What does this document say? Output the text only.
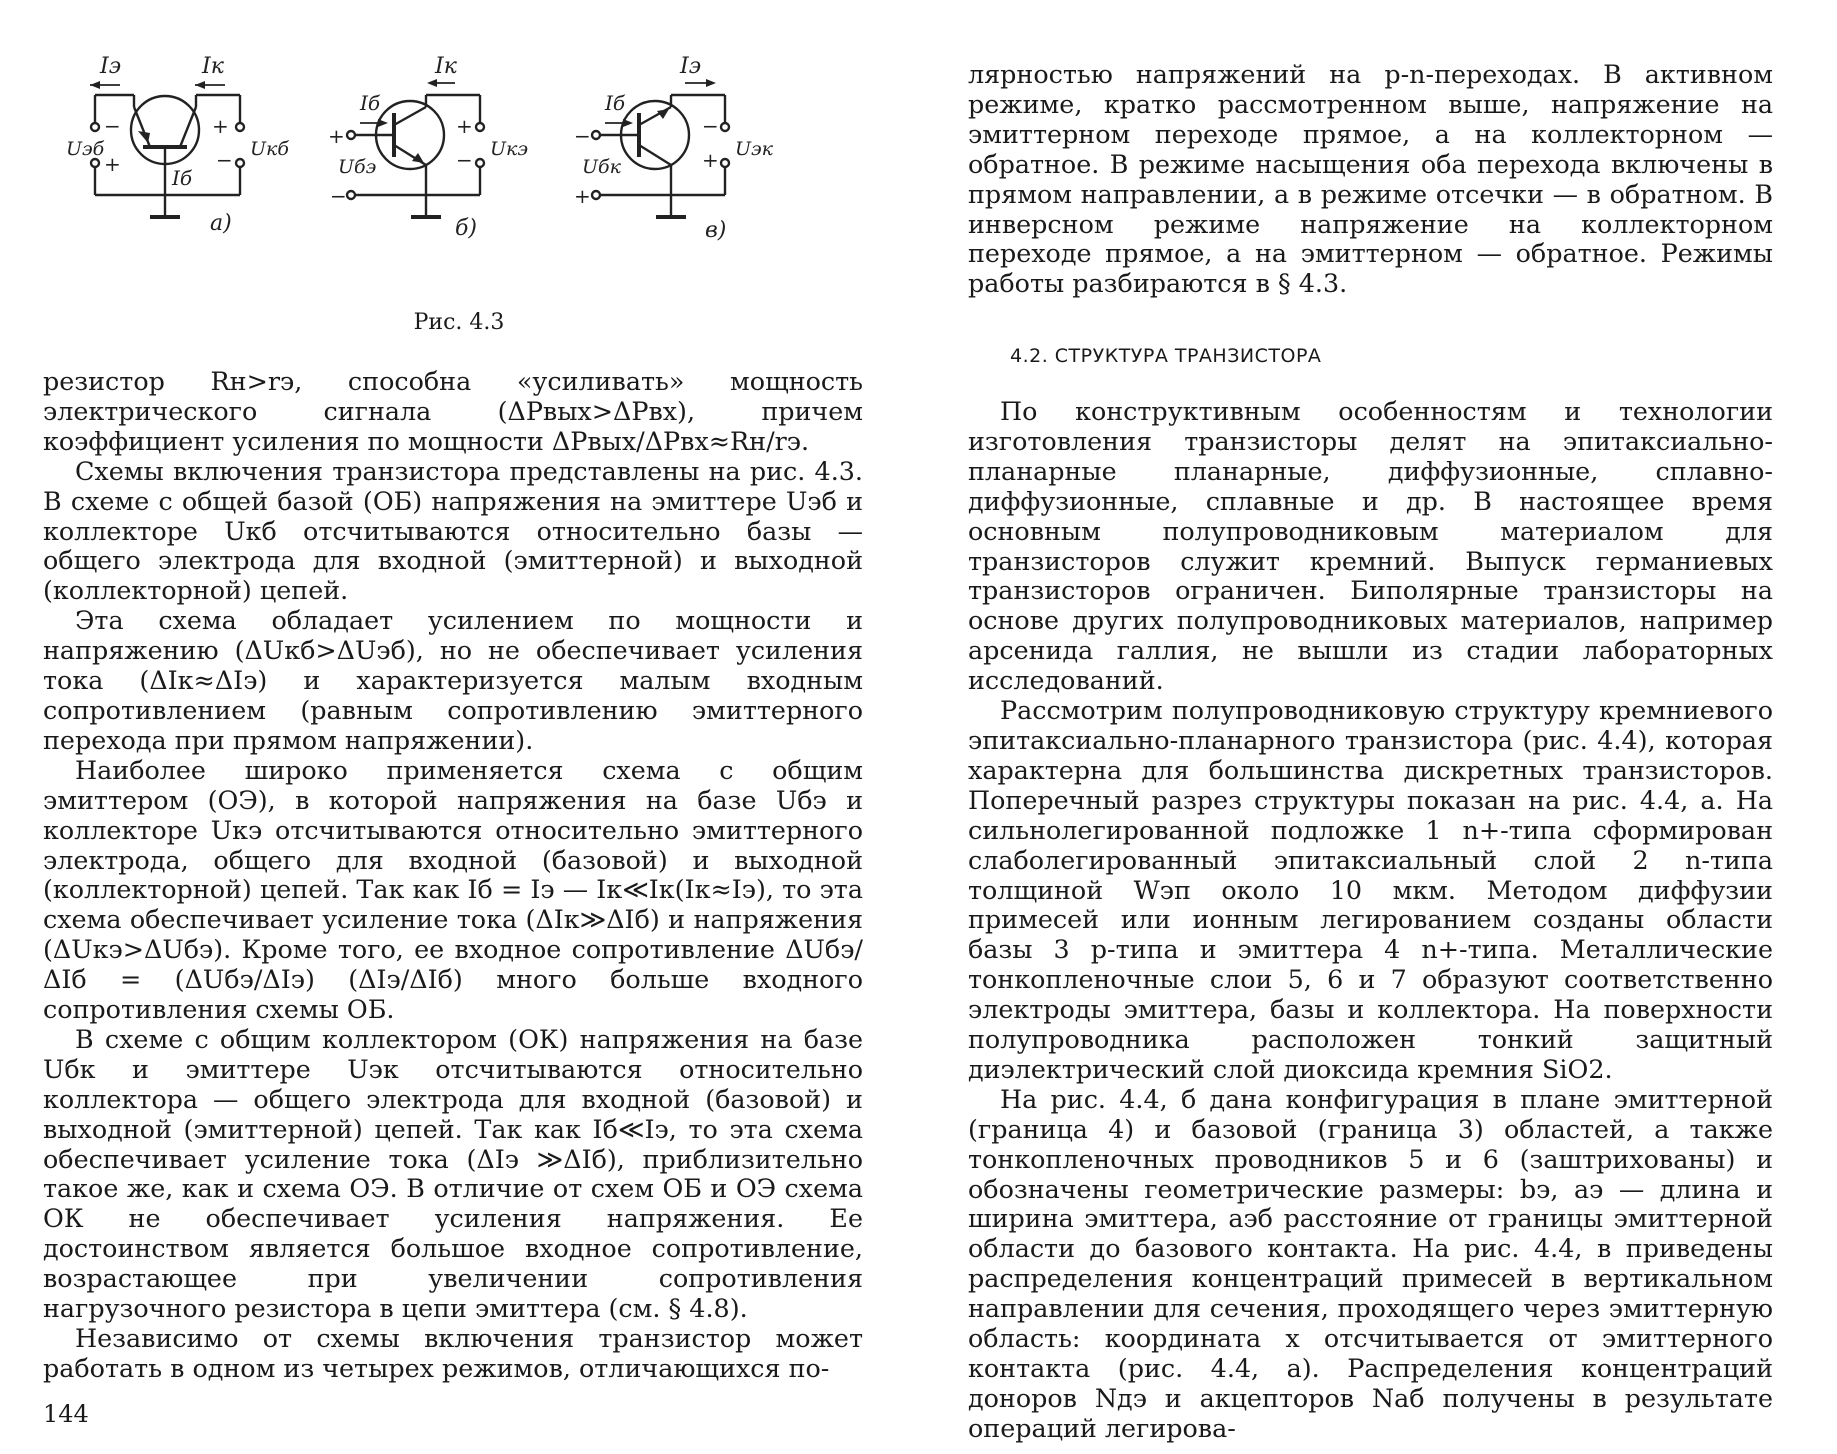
Iэ	Iк
Uэб	Uкб
Iб
−	+
+	−
а)
Iк
Iб
Uбэ
Uкэ
+	+
−
−
б)
Iэ
Iб
Uбк
Uэк
−	−
+
+
в)
Рис. 4.3

резистор Rн>rэ, способна «усиливать» мощность электрического сигнала (ΔPвых>ΔPвх), причем коэффициент усиления по мощности ΔPвых/ΔPвх≈Rн/rэ.

Схемы включения транзистора представлены на рис. 4.3. В схеме с общей базой (ОБ) напряжения на эмиттере Uэб и коллекторе Uкб отсчитываются относительно базы — общего электрода для входной (эмиттерной) и выходной (коллекторной) цепей.

Эта схема обладает усилением по мощности и напряжению (ΔUкб>ΔUэб), но не обеспечивает усиления тока (ΔIк≈ΔIэ) и характеризуется малым входным сопротивлением (равным сопротивлению эмиттерного перехода при прямом напряжении).

Наиболее широко применяется схема с общим эмиттером (ОЭ), в которой напряжения на базе Uбэ и коллекторе Uкэ отсчитываются относительно эмиттерного электрода, общего для входной (базовой) и выходной (коллекторной) цепей. Так как Iб = Iэ — Iк≪Iк(Iк≈Iэ), то эта схема обеспечивает усиление тока (ΔIк≫ΔIб) и напряжения (ΔUкэ>ΔUбэ). Кроме того, ее входное сопротивление ΔUбэ/ΔIб = (ΔUбэ/ΔIэ) (ΔIэ/ΔIб) много больше входного сопротивления схемы ОБ.

В схеме с общим коллектором (ОК) напряжения на базе Uбк и эмиттере Uэк отсчитываются относительно коллектора — общего электрода для входной (базовой) и выходной (эмиттерной) цепей. Так как Iб≪Iэ, то эта схема обеспечивает усиление тока (ΔIэ ≫ΔIб), приблизительно такое же, как и схема ОЭ. В отличие от схем ОБ и ОЭ схема ОК не обеспечивает усиления напряжения. Ее достоинством является большое входное сопротивление, возрастающее при увеличении сопротивления нагрузочного резистора в цепи эмиттера (см. § 4.8).

Независимо от схемы включения транзистор может работать в одном из четырех режимов, отличающихся по-

144

лярностью напряжений на p-n-переходах. В активном режиме, кратко рассмотренном выше, напряжение на эмиттерном переходе прямое, а на коллекторном — обратное. В режиме насыщения оба перехода включены в прямом направлении, а в режиме отсечки — в обратном. В инверсном режиме напряжение на коллекторном переходе прямое, а на эмиттерном — обратное. Режимы работы разбираются в § 4.3.

4.2. СТРУКТУРА ТРАНЗИСТОРА

По конструктивным особенностям и технологии изготовления транзисторы делят на эпитаксиально-планарные планарные, диффузионные, сплавно-диффузионные, сплавные и др. В настоящее время основным полупроводниковым материалом для транзисторов служит кремний. Выпуск германиевых транзисторов ограничен. Биполярные транзисторы на основе других полупроводниковых материалов, например арсенида галлия, не вышли из стадии лабораторных исследований.

Рассмотрим полупроводниковую структуру кремниевого эпитаксиально-планарного транзистора (рис. 4.4), которая характерна для большинства дискретных транзисторов. Поперечный разрез структуры показан на рис. 4.4, а. На сильнолегированной подложке 1 n+-типа сформирован слаболегированный эпитаксиальный слой 2 n-типа толщиной Wэп около 10 мкм. Методом диффузии примесей или ионным легированием созданы области базы 3 p-типа и эмиттера 4 n+-типа. Металлические тонкопленочные слои 5, 6 и 7 образуют соответственно электроды эмиттера, базы и коллектора. На поверхности полупроводника расположен тонкий защитный диэлектрический слой диоксида кремния SiO2.

На рис. 4.4, б дана конфигурация в плане эмиттерной (граница 4) и базовой (граница 3) областей, а также тонкопленочных проводников 5 и 6 (заштрихованы) и обозначены геометрические размеры: bэ, aэ — длина и ширина эмиттера, aэб расстояние от границы эмиттерной области до базового контакта. На рис. 4.4, в приведены распределения концентраций примесей в вертикальном направлении для сечения, проходящего через эмиттерную область: координата x отсчитывается от эмиттерного контакта (рис. 4.4, а). Распределения концентраций доноров Nдэ и акцепторов Nаб получены в результате операций легирова-
